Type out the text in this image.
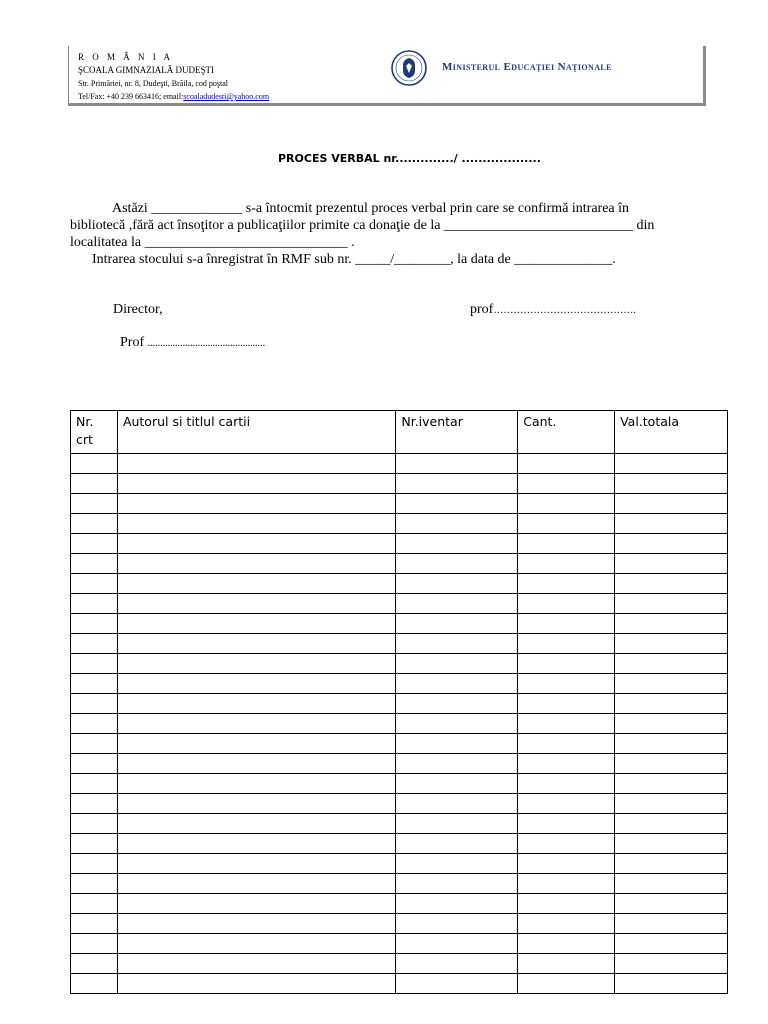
R O M Â N I A
ŞCOALA GIMNAZIALĂ DUDEŞTI
Str. Primăriei, nr. 8, Dudeşti, Brăila, cod poştal
Tel/Fax: +40 239 663416; email:scoaladudesti@yahoo.com
Ministerul Educaţiei Naţionale
PROCES VERBAL nr............../ ...................
Astăzi _____________ s-a întocmit prezentul proces verbal prin care se confirmă intrarea în
bibliotecă ,fără act însoţitor a publicaţiilor primite ca donaţie de la ___________________________ din
localitatea la _____________________________ .
Intrarea stocului s-a înregistrat în RMF sub nr. _____/________, la data de ______________.
Director,	prof…………………………………….
Prof ...............................................
Nr. crt	Autorul si titlul cartii	Nr.iventar	Cant.	Val.totala
